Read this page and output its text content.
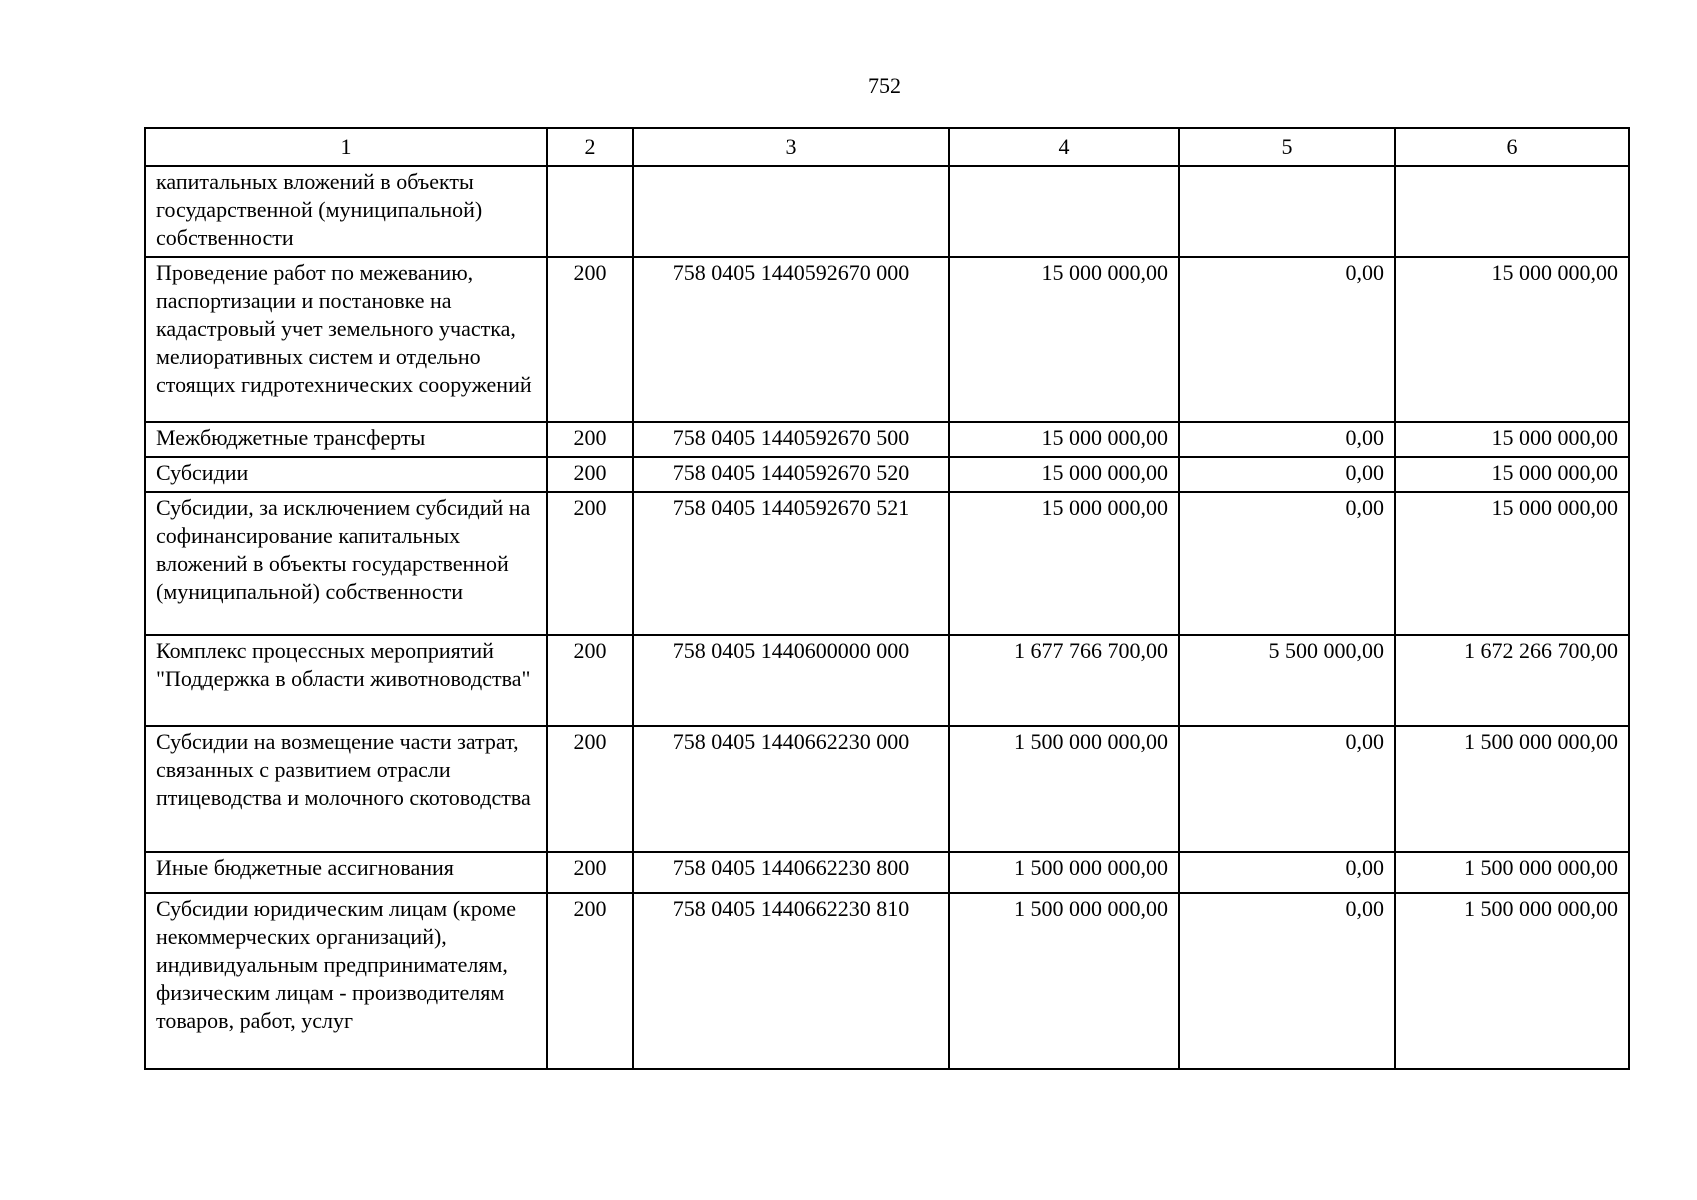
752
1	2	3	4	5	6
капитальных вложений в объекты государственной (муниципальной) собственности					
Проведение работ по межеванию, паспортизации и постановке на кадастровый учет земельного участка, мелиоративных систем и отдельно стоящих гидротехнических сооружений	200	758 0405 1440592670 000	15 000 000,00	0,00	15 000 000,00
Межбюджетные трансферты	200	758 0405 1440592670 500	15 000 000,00	0,00	15 000 000,00
Субсидии	200	758 0405 1440592670 520	15 000 000,00	0,00	15 000 000,00
Субсидии, за исключением субсидий на софинансирование капитальных вложений в объекты государственной (муниципальной) собственности	200	758 0405 1440592670 521	15 000 000,00	0,00	15 000 000,00
Комплекс процессных мероприятий "Поддержка в области животноводства"	200	758 0405 1440600000 000	1 677 766 700,00	5 500 000,00	1 672 266 700,00
Субсидии на возмещение части затрат, связанных с развитием отрасли птицеводства и молочного скотоводства	200	758 0405 1440662230 000	1 500 000 000,00	0,00	1 500 000 000,00
Иные бюджетные ассигнования	200	758 0405 1440662230 800	1 500 000 000,00	0,00	1 500 000 000,00
Субсидии юридическим лицам (кроме некоммерческих организаций), индивидуальным предпринимателям, физическим лицам - производителям товаров, работ, услуг	200	758 0405 1440662230 810	1 500 000 000,00	0,00	1 500 000 000,00
